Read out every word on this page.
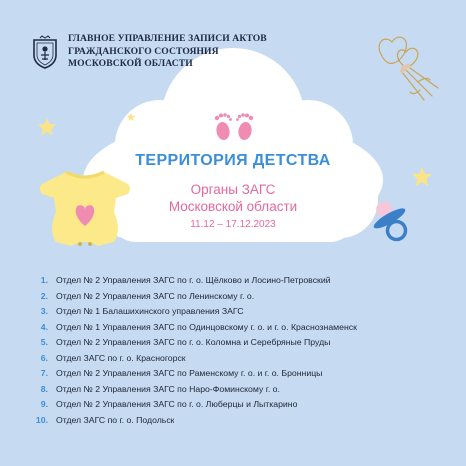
ГЛАВНОЕ УПРАВЛЕНИЕ ЗАПИСИ АКТОВ
ГРАЖДАНСКОГО СОСТОЯНИЯ
МОСКОВСКОЙ ОБЛАСТИ
ТЕРРИТОРИЯ ДЕТСТВА
Органы ЗАГС
Московской области
11.12 – 17.12.2023
1. Отдел № 2 Управления ЗАГС по г. о. Щёлково и Лосино-Петровский
2. Отдел № 2 Управления ЗАГС по Ленинскому г. о.
3. Отдел № 1 Балашихинского управления ЗАГС
4. Отдел № 1 Управления ЗАГС по Одинцовскому г. о. и г. о. Краснознаменск
5. Отдел № 2 Управления ЗАГС по г. о. Коломна и Серебряные Пруды
6. Отдел ЗАГС по г. о. Красногорск
7. Отдел № 2 Управления ЗАГС по Раменскому г. о. и г. о. Бронницы
8. Отдел № 2 Управления ЗАГС по Наро-Фоминскому г. о.
9. Отдел № 2 Управления ЗАГС по г. о. Люберцы и Лыткарино
10. Отдел ЗАГС по г. о. Подольск
